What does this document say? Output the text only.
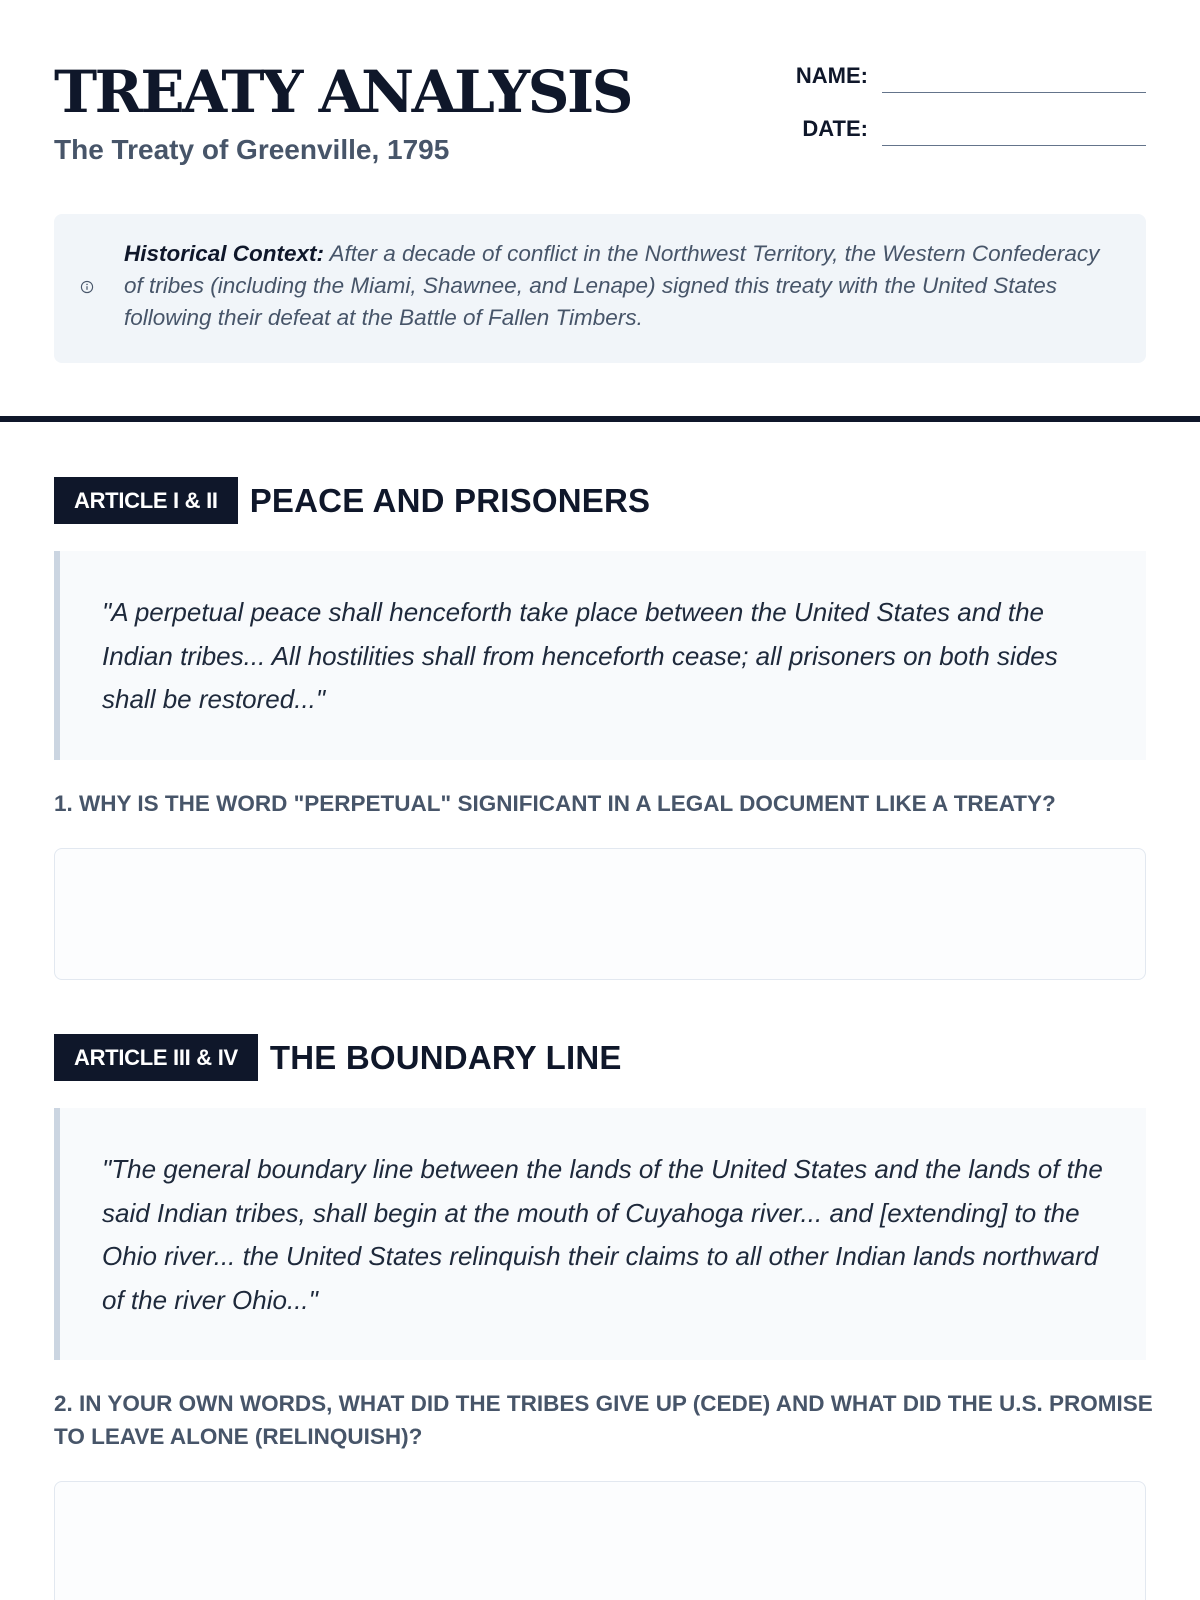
TREATY ANALYSIS
The Treaty of Greenville, 1795
NAME:
DATE:

Historical Context: After a decade of conflict in the Northwest Territory, the Western Confederacy of tribes (including the Miami, Shawnee, and Lenape) signed this treaty with the United States following their defeat at the Battle of Fallen Timbers.

ARTICLE I & II PEACE AND PRISONERS

"A perpetual peace shall henceforth take place between the United States and the Indian tribes... All hostilities shall from henceforth cease; all prisoners on both sides shall be restored..."

1. WHY IS THE WORD "PERPETUAL" SIGNIFICANT IN A LEGAL DOCUMENT LIKE A TREATY?

ARTICLE III & IV THE BOUNDARY LINE

"The general boundary line between the lands of the United States and the lands of the said Indian tribes, shall begin at the mouth of Cuyahoga river... and [extending] to the Ohio river... the United States relinquish their claims to all other Indian lands northward of the river Ohio..."

2. IN YOUR OWN WORDS, WHAT DID THE TRIBES GIVE UP (CEDE) AND WHAT DID THE U.S. PROMISE TO LEAVE ALONE (RELINQUISH)?
